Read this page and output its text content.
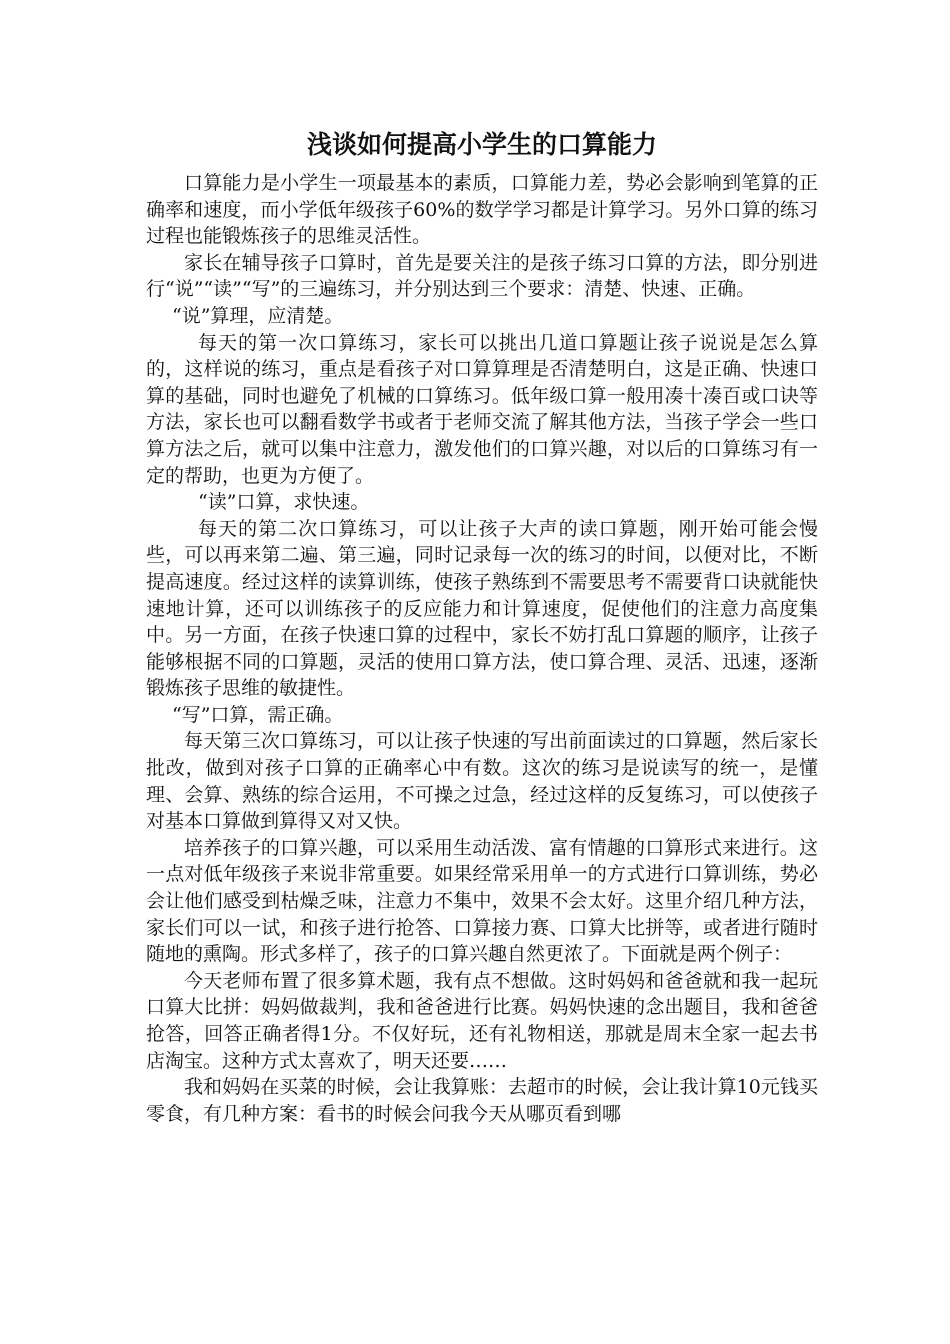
浅谈如何提高小学生的口算能力

口算能力是小学生一项最基本的素质，口算能力差，势必会影响到笔算的正确率和速度，而小学低年级孩子60%的数学学习都是计算学习。另外口算的练习过程也能锻炼孩子的思维灵活性。

家长在辅导孩子口算时，首先是要关注的是孩子练习口算的方法，即分别进行“说”“读”“写”的三遍练习，并分别达到三个要求：清楚、快速、正确。

“说”算理，应清楚。

每天的第一次口算练习，家长可以挑出几道口算题让孩子说说是怎么算的，这样说的练习，重点是看孩子对口算算理是否清楚明白，这是正确、快速口算的基础，同时也避免了机械的口算练习。低年级口算一般用凑十凑百或口诀等方法，家长也可以翻看数学书或者于老师交流了解其他方法，当孩子学会一些口算方法之后，就可以集中注意力，激发他们的口算兴趣，对以后的口算练习有一定的帮助，也更为方便了。

“读”口算，求快速。

每天的第二次口算练习，可以让孩子大声的读口算题，刚开始可能会慢些，可以再来第二遍、第三遍，同时记录每一次的练习的时间，以便对比，不断提高速度。经过这样的读算训练，使孩子熟练到不需要思考不需要背口诀就能快速地计算，还可以训练孩子的反应能力和计算速度，促使他们的注意力高度集中。另一方面，在孩子快速口算的过程中，家长不妨打乱口算题的顺序，让孩子能够根据不同的口算题，灵活的使用口算方法，使口算合理、灵活、迅速，逐渐锻炼孩子思维的敏捷性。

“写”口算，需正确。

每天第三次口算练习，可以让孩子快速的写出前面读过的口算题，然后家长批改，做到对孩子口算的正确率心中有数。这次的练习是说读写的统一，是懂理、会算、熟练的综合运用，不可操之过急，经过这样的反复练习，可以使孩子对基本口算做到算得又对又快。

培养孩子的口算兴趣，可以采用生动活泼、富有情趣的口算形式来进行。这一点对低年级孩子来说非常重要。如果经常采用单一的方式进行口算训练，势必会让他们感受到枯燥乏味，注意力不集中，效果不会太好。这里介绍几种方法，家长们可以一试，和孩子进行抢答、口算接力赛、口算大比拼等，或者进行随时随地的熏陶。形式多样了，孩子的口算兴趣自然更浓了。下面就是两个例子：

今天老师布置了很多算术题，我有点不想做。这时妈妈和爸爸就和我一起玩口算大比拼：妈妈做裁判，我和爸爸进行比赛。妈妈快速的念出题目，我和爸爸抢答，回答正确者得1分。不仅好玩，还有礼物相送，那就是周末全家一起去书店淘宝。这种方式太喜欢了，明天还要……

我和妈妈在买菜的时候，会让我算账：去超市的时候，会让我计算10元钱买零食，有几种方案：看书的时候会问我今天从哪页看到哪
